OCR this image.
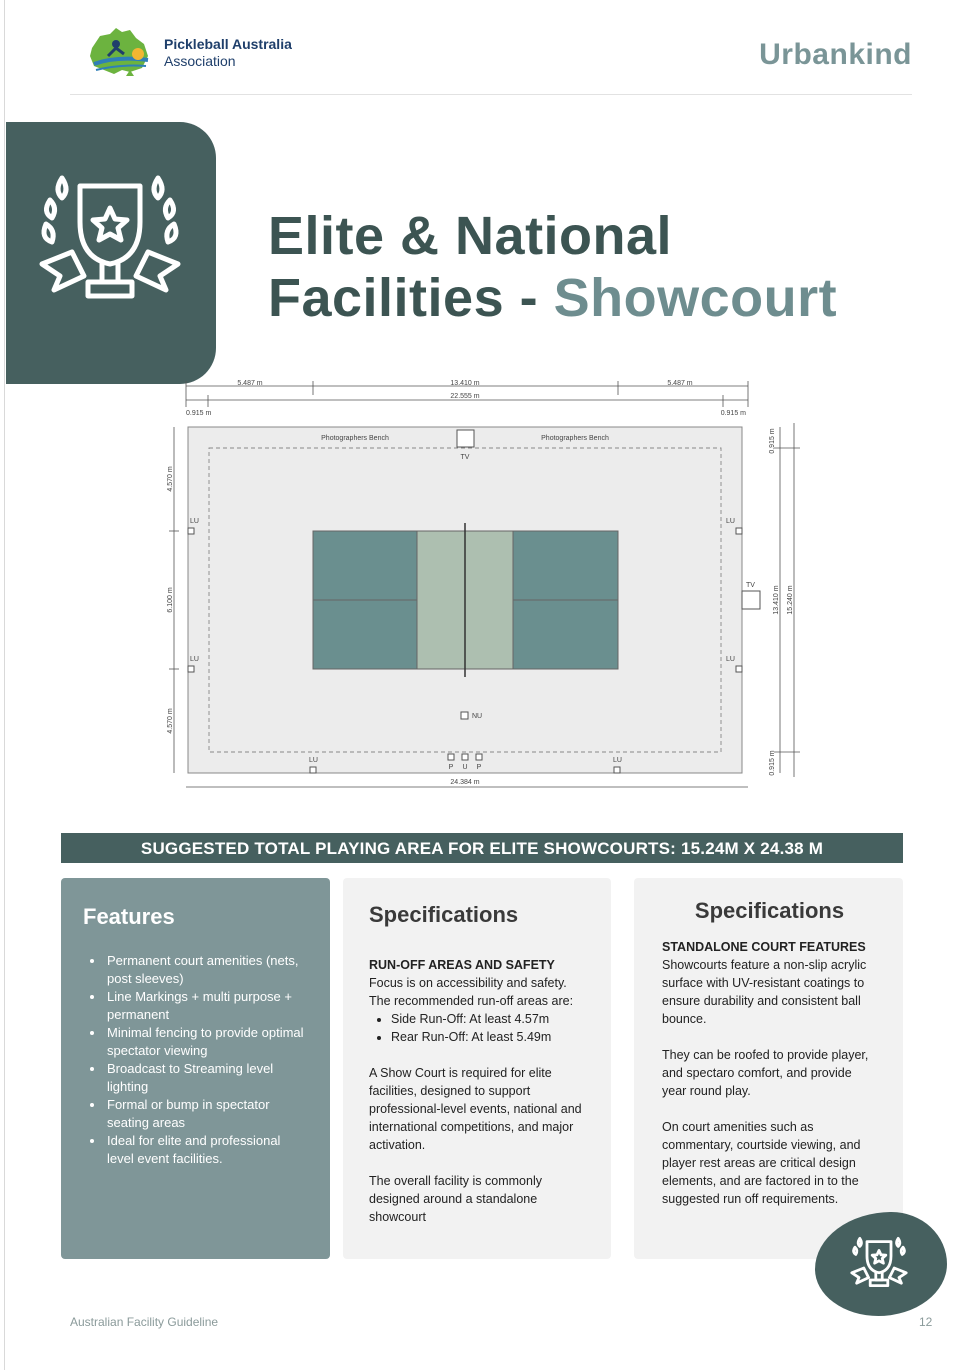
Pickleball Australia
Association	Urbankind
Elite & National
Facilities - Showcourt
5.487 m	13.410 m	5.487 m
22.555 m
0.915 m	0.915 m
Photographers Bench	Photographers Bench
TV
LU
LU
LU
LU
LU	LU
TV
NU
P U P
4.570 m
6.100 m
4.570 m
0.915 m
13.410 m 15.240 m
0.915 m
24.384 m
SUGGESTED TOTAL PLAYING AREA FOR ELITE SHOWCOURTS: 15.24M X 24.38 M
Features
• Permanent court amenities (nets, post sleeves)
• Line Markings + multi purpose + permanent
• Minimal fencing to provide optimal spectator viewing
• Broadcast to Streaming level lighting
• Formal or bump in spectator seating areas
• Ideal for elite and professional level event facilities.
Specifications
RUN-OFF AREAS AND SAFETY
Focus is on accessibility and safety. The recommended run-off areas are:
• Side Run-Off: At least 4.57m
• Rear Run-Off: At least 5.49m
A Show Court is required for elite facilities, designed to support professional-level events, national and international competitions, and major activation.
The overall facility is commonly designed around a standalone showcourt
Specifications
STANDALONE COURT FEATURES
Showcourts feature a non-slip acrylic surface with UV-resistant coatings to ensure durability and consistent ball bounce.
They can be roofed to provide player, and spectaro comfort, and provide year round play.
On court amenities such as commentary, courtside viewing, and player rest areas are critical design elements, and are factored in to the suggested run off requirements.
Australian Facility Guideline	12
